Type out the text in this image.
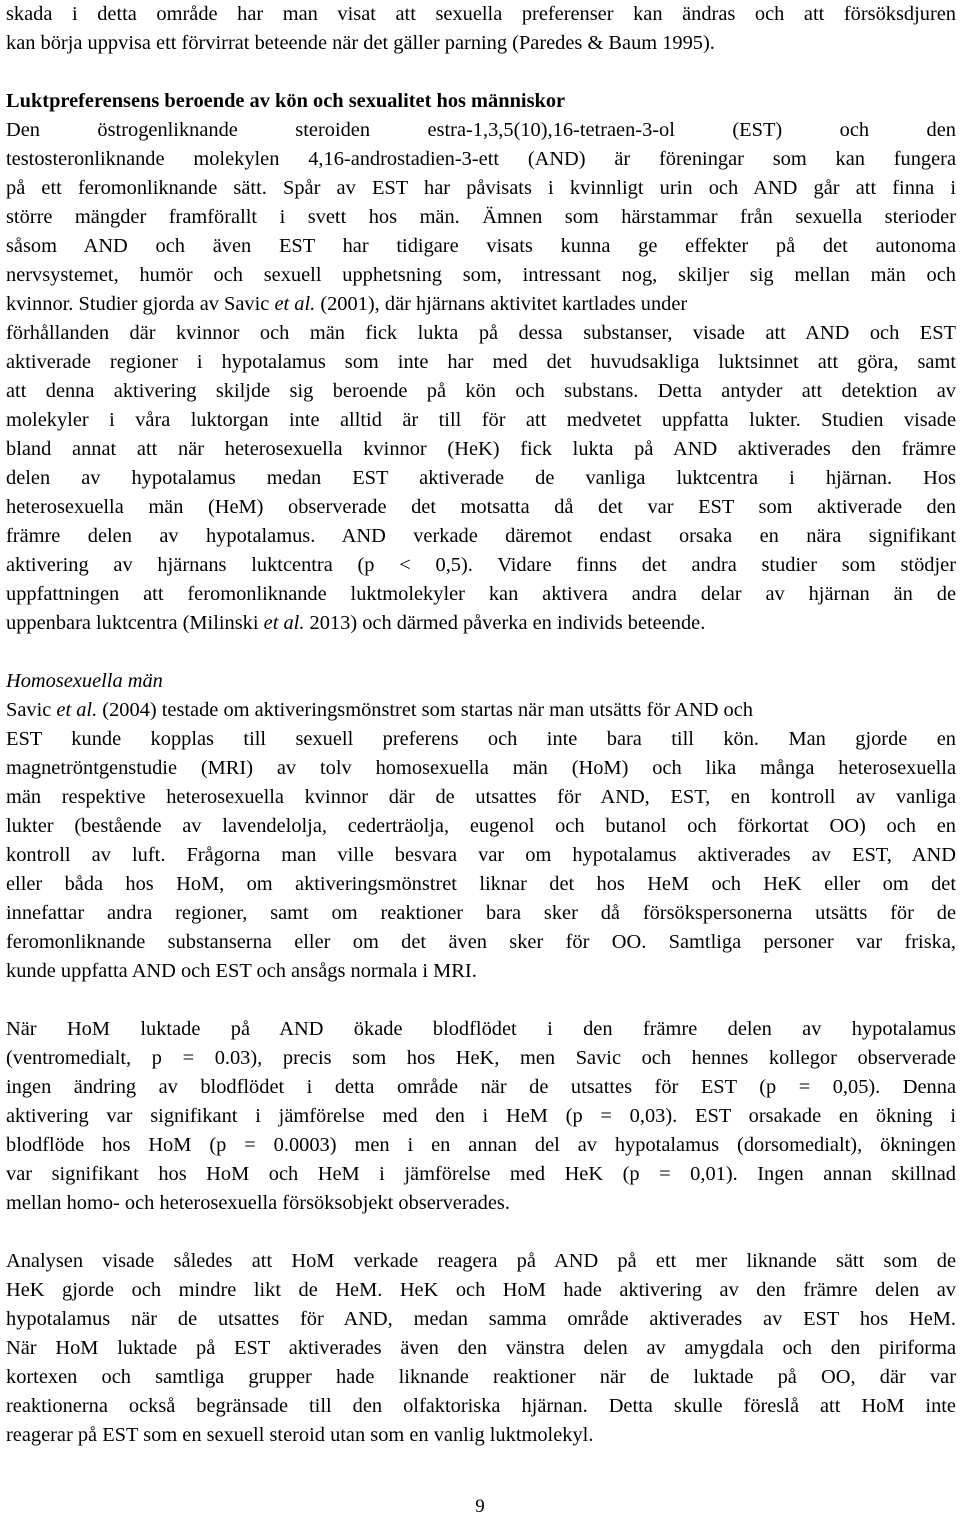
skada i detta område har man visat att sexuella preferenser kan ändras och att försöksdjuren
kan börja uppvisa ett förvirrat beteende när det gäller parning (Paredes & Baum 1995).

Luktpreferensens beroende av kön och sexualitet hos människor
Den östrogenliknande steroiden estra-1,3,5(10),16-tetraen-3-ol (EST) och den
testosteronliknande molekylen 4,16-androstadien-3-ett (AND) är föreningar som kan fungera
på ett feromonliknande sätt. Spår av EST har påvisats i kvinnligt urin och AND går att finna i
större mängder framförallt i svett hos män. Ämnen som härstammar från sexuella sterioder
såsom AND och även EST har tidigare visats kunna ge effekter på det autonoma
nervsystemet, humör och sexuell upphetsning som, intressant nog, skiljer sig mellan män och
kvinnor. Studier gjorda av Savic et al. (2001), där hjärnans aktivitet kartlades under
förhållanden där kvinnor och män fick lukta på dessa substanser, visade att AND och EST
aktiverade regioner i hypotalamus som inte har med det huvudsakliga luktsinnet att göra, samt
att denna aktivering skiljde sig beroende på kön och substans. Detta antyder att detektion av
molekyler i våra luktorgan inte alltid är till för att medvetet uppfatta lukter. Studien visade
bland annat att när heterosexuella kvinnor (HeK) fick lukta på AND aktiverades den främre
delen av hypotalamus medan EST aktiverade de vanliga luktcentra i hjärnan. Hos
heterosexuella män (HeM) observerade det motsatta då det var EST som aktiverade den
främre delen av hypotalamus. AND verkade däremot endast orsaka en nära signifikant
aktivering av hjärnans luktcentra (p < 0,5). Vidare finns det andra studier som stödjer
uppfattningen att feromonliknande luktmolekyler kan aktivera andra delar av hjärnan än de
uppenbara luktcentra (Milinski et al. 2013) och därmed påverka en individs beteende.

Homosexuella män
Savic et al. (2004) testade om aktiveringsmönstret som startas när man utsätts för AND och
EST kunde kopplas till sexuell preferens och inte bara till kön. Man gjorde en
magnetröntgenstudie (MRI) av tolv homosexuella män (HoM) och lika många heterosexuella
män respektive heterosexuella kvinnor där de utsattes för AND, EST, en kontroll av vanliga
lukter (bestående av lavendelolja, cederträolja, eugenol och butanol och förkortat OO) och en
kontroll av luft. Frågorna man ville besvara var om hypotalamus aktiverades av EST, AND
eller båda hos HoM, om aktiveringsmönstret liknar det hos HeM och HeK eller om det
innefattar andra regioner, samt om reaktioner bara sker då försökspersonerna utsätts för de
feromonliknande substanserna eller om det även sker för OO. Samtliga personer var friska,
kunde uppfatta AND och EST och ansågs normala i MRI.

När HoM luktade på AND ökade blodflödet i den främre delen av hypotalamus
(ventromedialt, p = 0.03), precis som hos HeK, men Savic och hennes kollegor observerade
ingen ändring av blodflödet i detta område när de utsattes för EST (p = 0,05). Denna
aktivering var signifikant i jämförelse med den i HeM (p = 0,03). EST orsakade en ökning i
blodflöde hos HoM (p = 0.0003) men i en annan del av hypotalamus (dorsomedialt), ökningen
var signifikant hos HoM och HeM i jämförelse med HeK (p = 0,01). Ingen annan skillnad
mellan homo- och heterosexuella försöksobjekt observerades.

Analysen visade således att HoM verkade reagera på AND på ett mer liknande sätt som de
HeK gjorde och mindre likt de HeM. HeK och HoM hade aktivering av den främre delen av
hypotalamus när de utsattes för AND, medan samma område aktiverades av EST hos HeM.
När HoM luktade på EST aktiverades även den vänstra delen av amygdala och den piriforma
kortexen och samtliga grupper hade liknande reaktioner när de luktade på OO, där var
reaktionerna också begränsade till den olfaktoriska hjärnan. Detta skulle föreslå att HoM inte
reagerar på EST som en sexuell steroid utan som en vanlig luktmolekyl.

9
